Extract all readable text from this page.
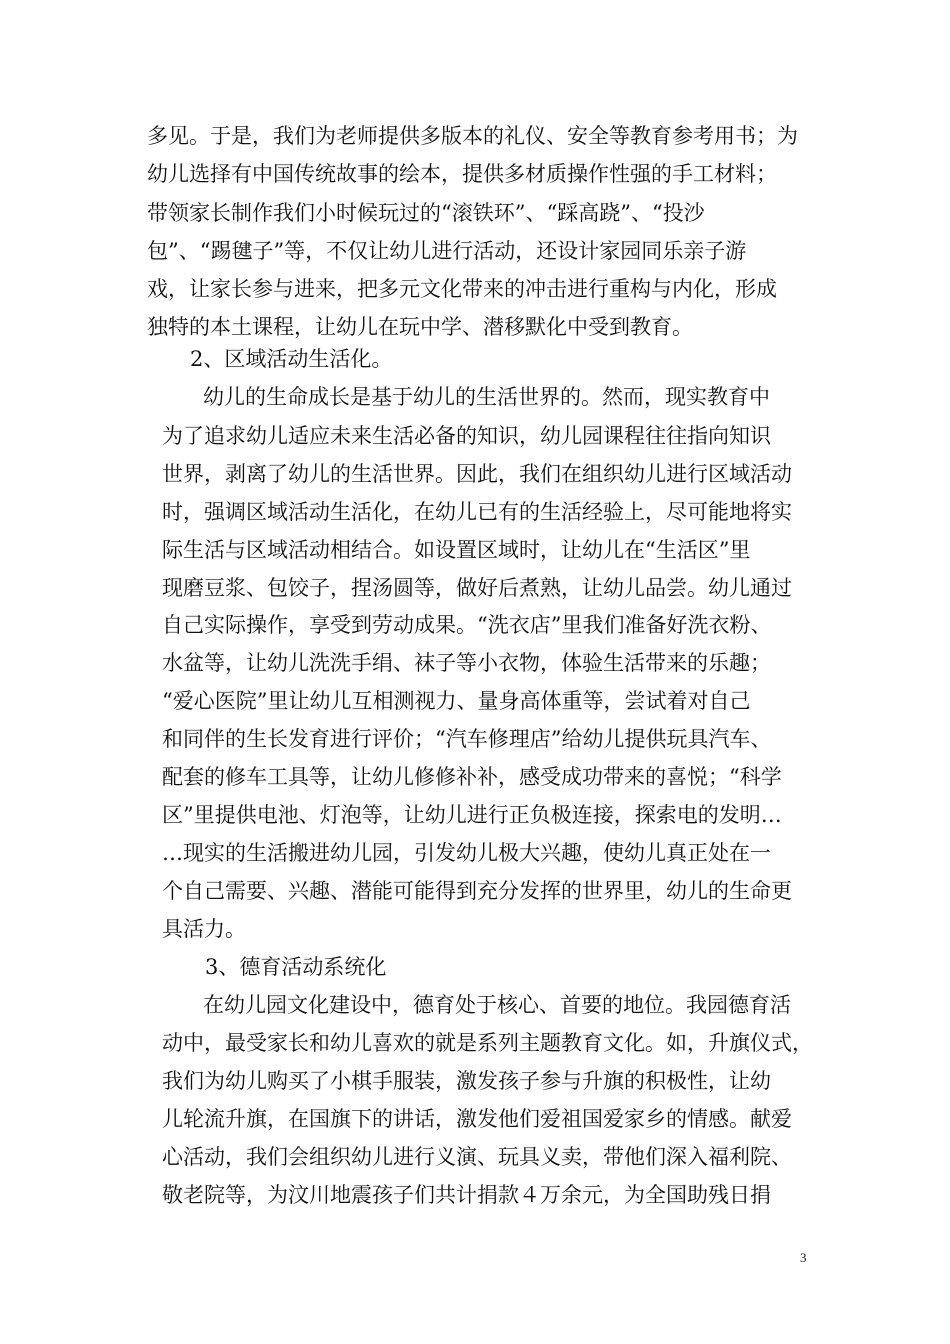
多见。于是，我们为老师提供多版本的礼仪、安全等教育参考用书；为
幼儿选择有中国传统故事的绘本，提供多材质操作性强的手工材料；
带领家长制作我们小时候玩过的“滚铁环”、“踩高跷”、“投沙
包”、“踢毽子”等，不仅让幼儿进行活动，还设计家园同乐亲子游
戏，让家长参与进来，把多元文化带来的冲击进行重构与内化，形成
独特的本土课程，让幼儿在玩中学、潜移默化中受到教育。
2、区域活动生活化。
幼儿的生命成长是基于幼儿的生活世界的。然而，现实教育中
为了追求幼儿适应未来生活必备的知识，幼儿园课程往往指向知识
世界，剥离了幼儿的生活世界。因此，我们在组织幼儿进行区域活动
时，强调区域活动生活化，在幼儿已有的生活经验上，尽可能地将实
际生活与区域活动相结合。如设置区域时，让幼儿在“生活区”里
现磨豆浆、包饺子，捏汤圆等，做好后煮熟，让幼儿品尝。幼儿通过
自己实际操作，享受到劳动成果。“洗衣店”里我们准备好洗衣粉、
水盆等，让幼儿洗洗手绢、袜子等小衣物，体验生活带来的乐趣；
“爱心医院”里让幼儿互相测视力、量身高体重等，尝试着对自己
和同伴的生长发育进行评价；“汽车修理店”给幼儿提供玩具汽车、
配套的修车工具等，让幼儿修修补补，感受成功带来的喜悦；“科学
区”里提供电池、灯泡等，让幼儿进行正负极连接，探索电的发明…
…现实的生活搬进幼儿园，引发幼儿极大兴趣，使幼儿真正处在一
个自己需要、兴趣、潜能可能得到充分发挥的世界里，幼儿的生命更
具活力。
3、德育活动系统化
在幼儿园文化建设中，德育处于核心、首要的地位。我园德育活
动中，最受家长和幼儿喜欢的就是系列主题教育文化。如，升旗仪式，
我们为幼儿购买了小棋手服装，激发孩子参与升旗的积极性，让幼
儿轮流升旗，在国旗下的讲话，激发他们爱祖国爱家乡的情感。献爱
心活动，我们会组织幼儿进行义演、玩具义卖，带他们深入福利院、
敬老院等，为汶川地震孩子们共计捐款４万余元，为全国助残日捐
3
